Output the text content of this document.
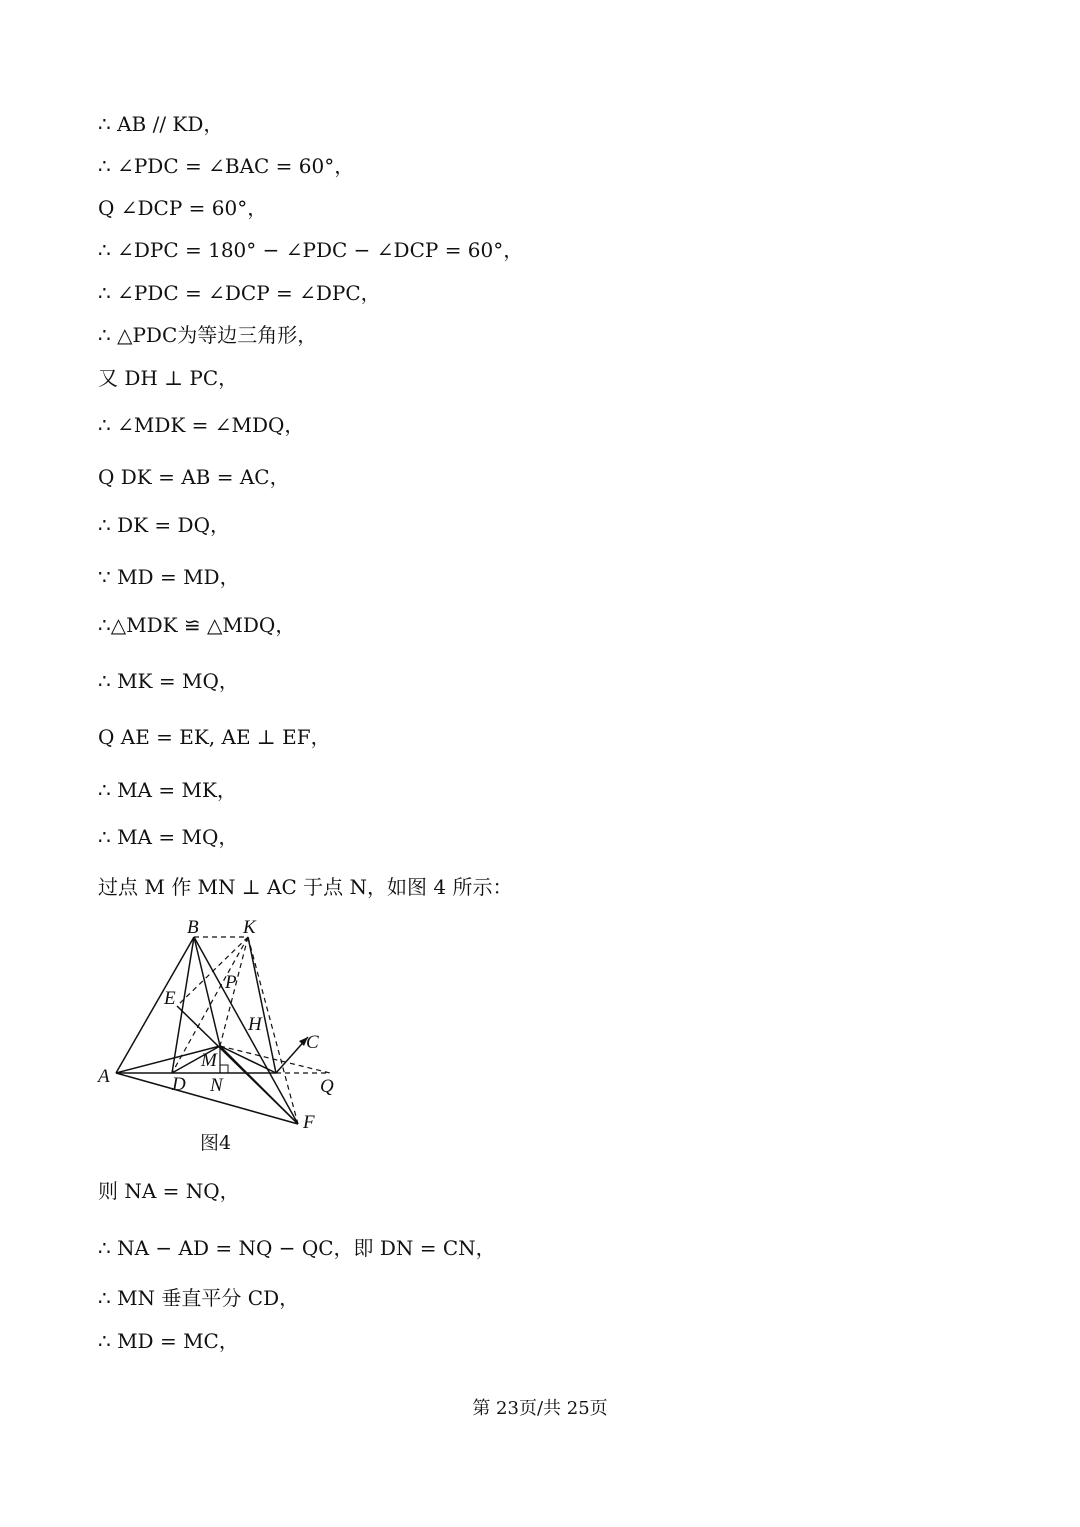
∴ AB // KD，
∴ ∠PDC = ∠BAC = 60°，
Q ∠DCP = 60°，
∴ ∠DPC = 180° − ∠PDC − ∠DCP = 60°，
∴ ∠PDC = ∠DCP = ∠DPC，
∴ △PDC为等边三角形，
又 DH ⊥ PC，
∴ ∠MDK = ∠MDQ，
Q DK = AB = AC，
∴ DK = DQ，
∵ MD = MD，
∴△MDK ≌ △MDQ，
∴ MK = MQ，
Q AE = EK, AE ⊥ EF，
∴ MA = MK，
∴ MA = MQ，
过点 M 作 MN ⊥ AC 于点 N，如图 4 所示：
则 NA = NQ，
∴ NA − AD = NQ − QC，即 DN = CN，
∴ MN 垂直平分 CD，
∴ MD = MC，
B K
P
E
H
C
M
A	D N	Q
F
图4
第 23页/共 25页
